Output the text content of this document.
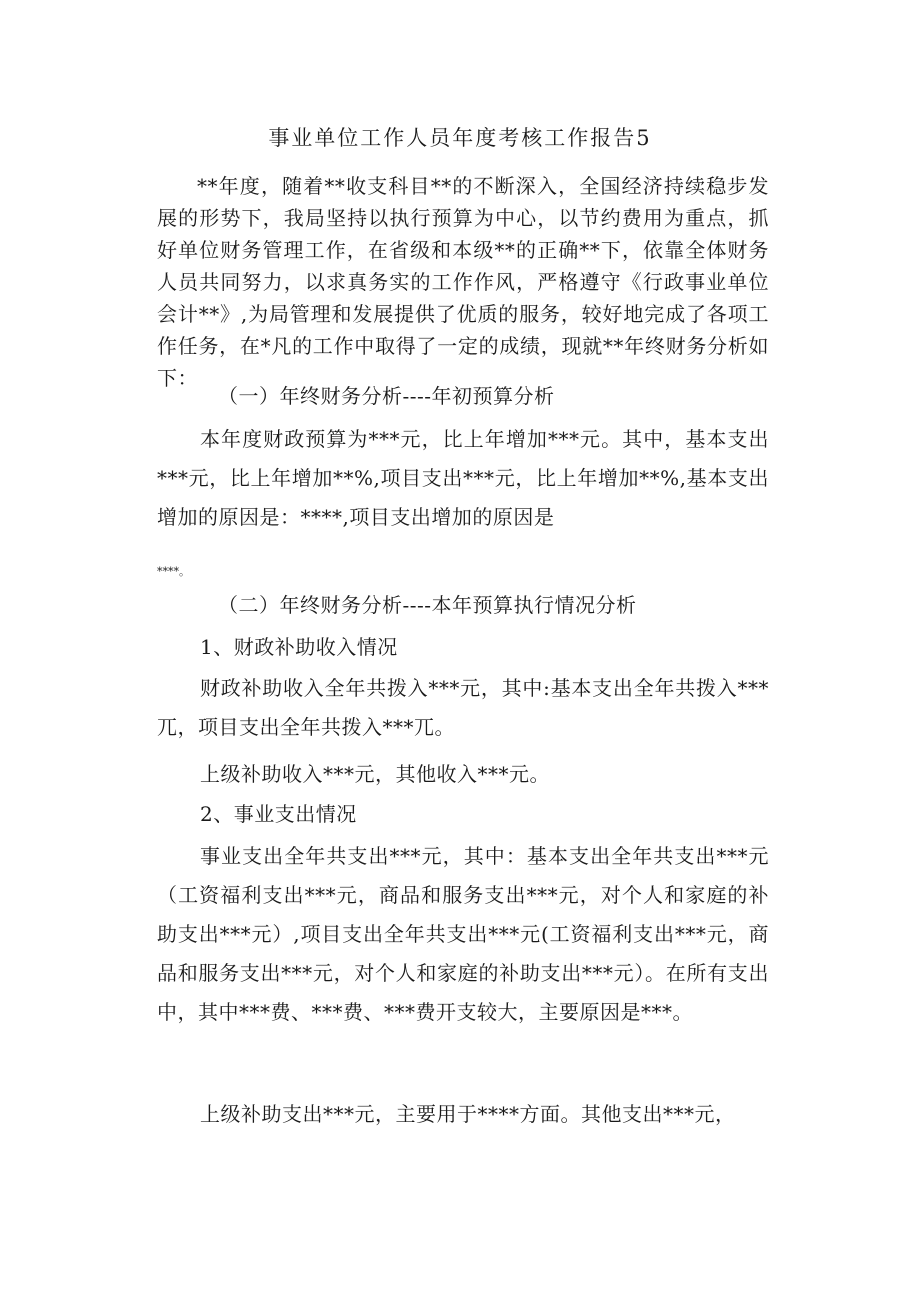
事业单位工作人员年度考核工作报告5
**年度，随着**收支科目**的不断深入，全国经济持续稳步发展的形势下，我局坚持以执行预算为中心，以节约费用为重点，抓好单位财务管理工作，在省级和本级**的正确**下，依靠全体财务人员共同努力，以求真务实的工作作风，严格遵守《行政事业单位会计**》,为局管理和发展提供了优质的服务，较好地完成了各项工作任务，在*凡的工作中取得了一定的成绩，现就**年终财务分析如下：
（一）年终财务分析----年初预算分析
本年度财政预算为***元，比上年增加***元。其中，基本支出***元，比上年增加**%,项目支出***元，比上年增加**%,基本支出增加的原因是：****,项目支出增加的原因是
****。
（二）年终财务分析----本年预算执行情况分析
1、财政补助收入情况
财政补助收入全年共拨入***元，其中:基本支出全年共拨入***兀，项目支出全年共拨入***兀。
上级补助收入***元，其他收入***元。
2、事业支出情况
事业支出全年共支出***元，其中：基本支出全年共支出***元（工资福利支出***元，商品和服务支出***元，对个人和家庭的补助支出***元）,项目支出全年共支出***元(工资福利支出***元，商品和服务支出***元，对个人和家庭的补助支出***元）。在所有支出中，其中***费、***费、***费开支较大，主要原因是***。
上级补助支出***元，主要用于****方面。其他支出***元，
